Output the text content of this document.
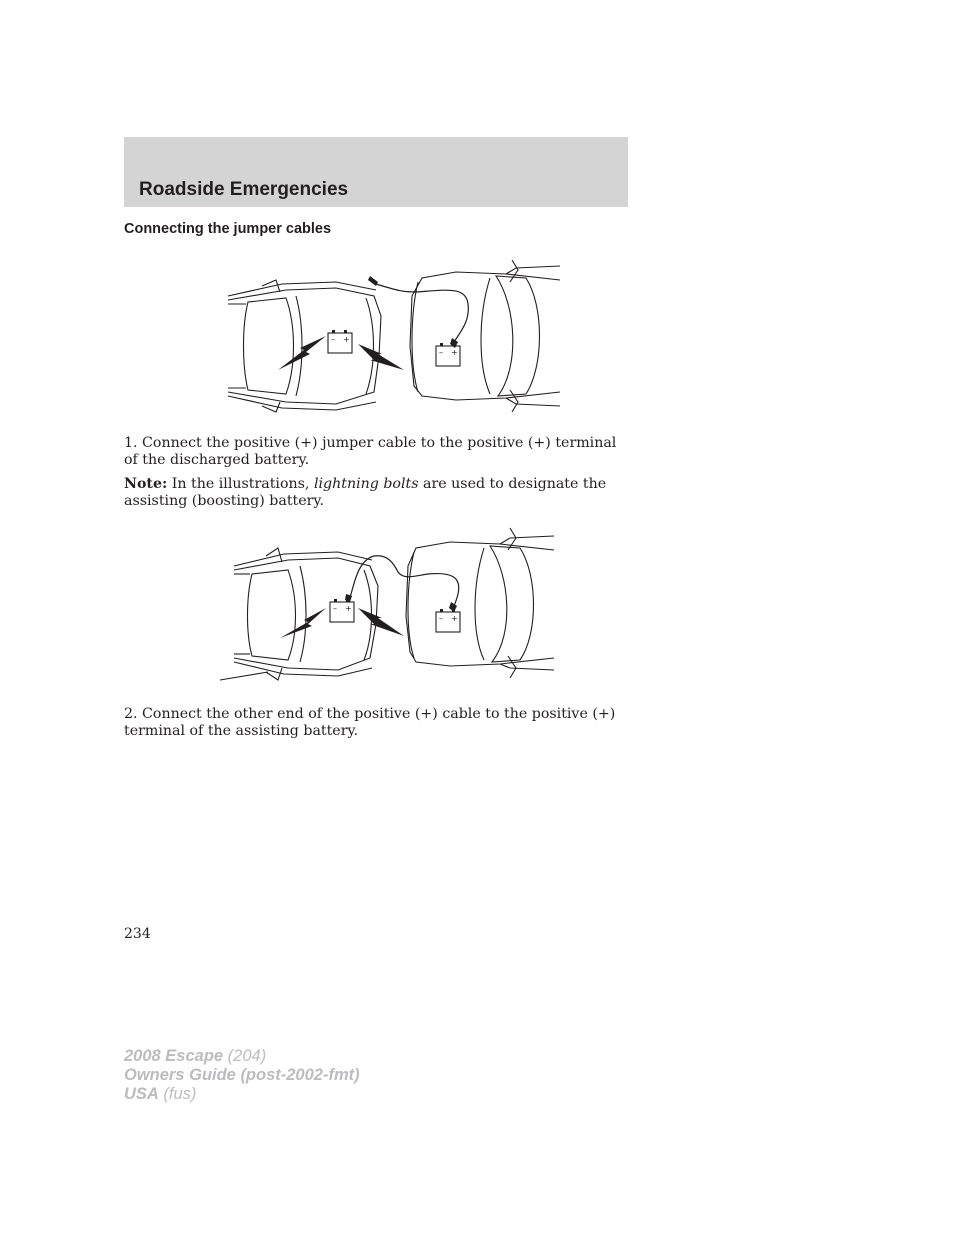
Roadside Emergencies
Connecting the jumper cables
– +
– +
1. Connect the positive (+) jumper cable to the positive (+) terminal of the discharged battery.
Note: In the illustrations, lightning bolts are used to designate the assisting (boosting) battery.
– +
– +
2. Connect the other end of the positive (+) cable to the positive (+) terminal of the assisting battery.
234
2008 Escape (204)
Owners Guide (post-2002-fmt)
USA (fus)
